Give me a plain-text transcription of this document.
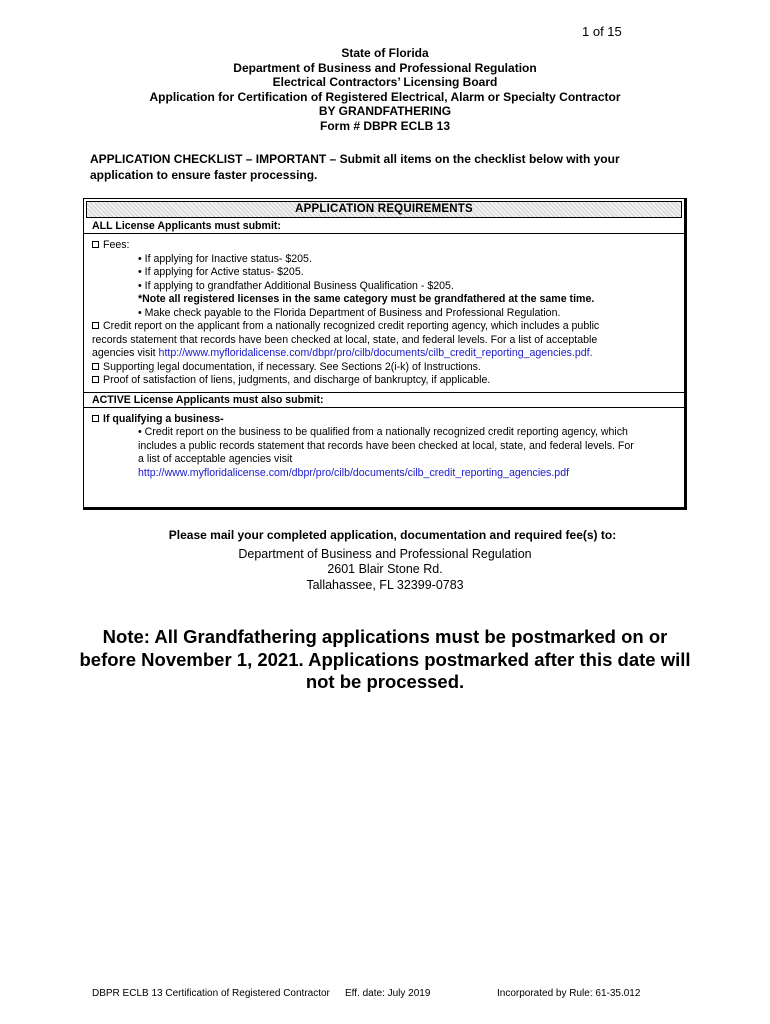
1 of 15
State of Florida
Department of Business and Professional Regulation
Electrical Contractors’ Licensing Board
Application for Certification of Registered Electrical, Alarm or Specialty Contractor
BY GRANDFATHERING
Form # DBPR ECLB 13
APPLICATION CHECKLIST – IMPORTANT – Submit all items on the checklist below with your
application to ensure faster processing.
APPLICATION REQUIREMENTS
ALL License Applicants must submit:
Fees:
• If applying for Inactive status- $205.
• If applying for Active status- $205.
• If applying to grandfather Additional Business Qualification - $205.
*Note all registered licenses in the same category must be grandfathered at the same time.
• Make check payable to the Florida Department of Business and Professional Regulation.
Credit report on the applicant from a nationally recognized credit reporting agency, which includes a public
records statement that records have been checked at local, state, and federal levels. For a list of acceptable
agencies visit http://www.myfloridalicense.com/dbpr/pro/cilb/documents/cilb_credit_reporting_agencies.pdf.
Supporting legal documentation, if necessary. See Sections 2(i-k) of Instructions.
Proof of satisfaction of liens, judgments, and discharge of bankruptcy, if applicable.
ACTIVE License Applicants must also submit:
If qualifying a business-
• Credit report on the business to be qualified from a nationally recognized credit reporting agency, which
includes a public records statement that records have been checked at local, state, and federal levels. For
a list of acceptable agencies visit
http://www.myfloridalicense.com/dbpr/pro/cilb/documents/cilb_credit_reporting_agencies.pdf
Please mail your completed application, documentation and required fee(s) to:
Department of Business and Professional Regulation
2601 Blair Stone Rd.
Tallahassee, FL 32399-0783
Note: All Grandfathering applications must be postmarked on or
before November 1, 2021. Applications postmarked after this date will
not be processed.
DBPR ECLB 13 Certification of Registered Contractor Eff. date: July 2019	Incorporated by Rule: 61-35.012
